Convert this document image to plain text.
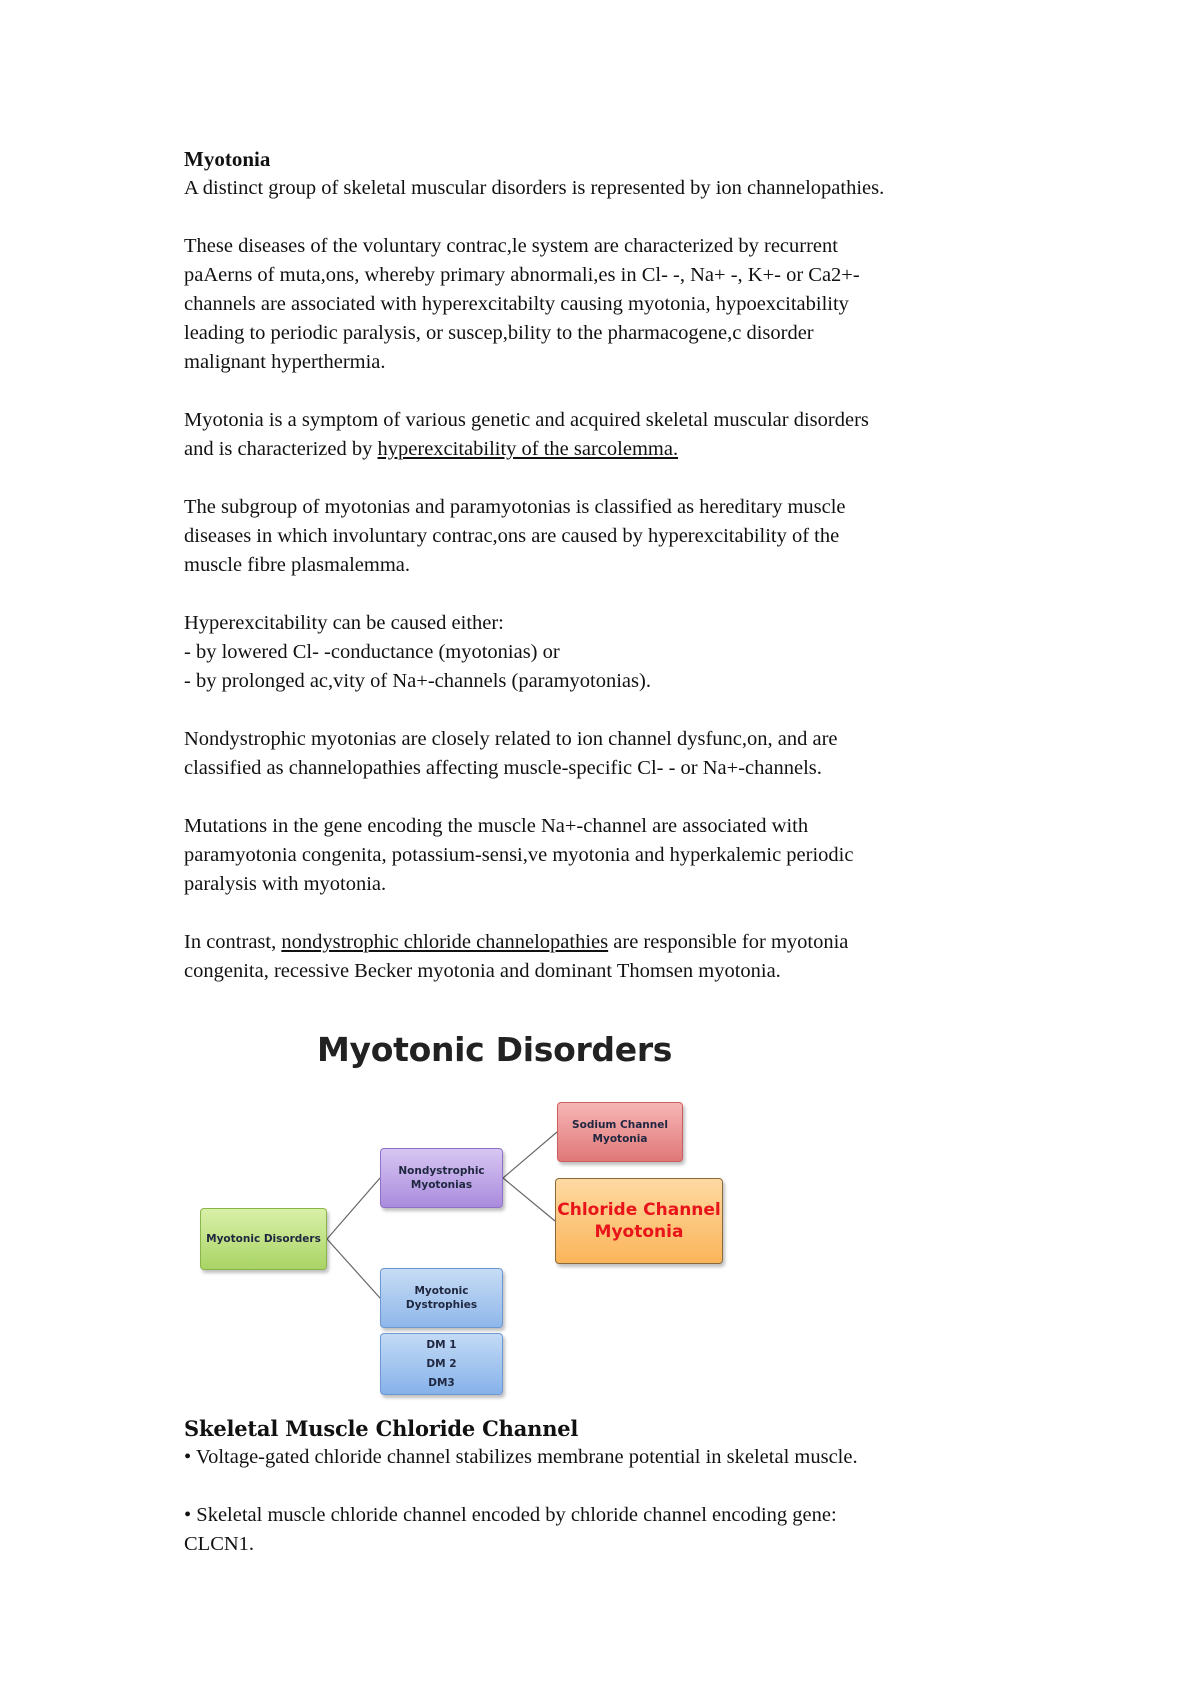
Myotonia
A distinct group of skeletal muscular disorders is represented by ion channelopathies.
These diseases of the voluntary contrac,le system are characterized by recurrent
paAerns of muta,ons, whereby primary abnormali,es in Cl- -, Na+ -, K+- or Ca2+-
channels are associated with hyperexcitabilty causing myotonia, hypoexcitability
leading to periodic paralysis, or suscep,bility to the pharmacogene,c disorder
malignant hyperthermia.
Myotonia is a symptom of various genetic and acquired skeletal muscular disorders
and is characterized by hyperexcitability of the sarcolemma.
The subgroup of myotonias and paramyotonias is classified as hereditary muscle
diseases in which involuntary contrac,ons are caused by hyperexcitability of the
muscle fibre plasmalemma.
Hyperexcitability can be caused either:
- by lowered Cl- -conductance (myotonias) or
- by prolonged ac,vity of Na+-channels (paramyotonias).
Nondystrophic myotonias are closely related to ion channel dysfunc,on, and are
classified as channelopathies affecting muscle-specific Cl- - or Na+-channels.
Mutations in the gene encoding the muscle Na+-channel are associated with
paramyotonia congenita, potassium-sensi,ve myotonia and hyperkalemic periodic
paralysis with myotonia.
In contrast, nondystrophic chloride channelopathies are responsible for myotonia
congenita, recessive Becker myotonia and dominant Thomsen myotonia.
Myotonic Disorders
Myotonic Disorders
Nondystrophic
Myotonias
Sodium Channel
Myotonia
Chloride Channel
Myotonia
Myotonic
Dystrophies
DM 1
DM 2
DM3
Skeletal Muscle Chloride Channel
• Voltage-gated chloride channel stabilizes membrane potential in skeletal muscle.
• Skeletal muscle chloride channel encoded by chloride channel encoding gene:
CLCN1.
